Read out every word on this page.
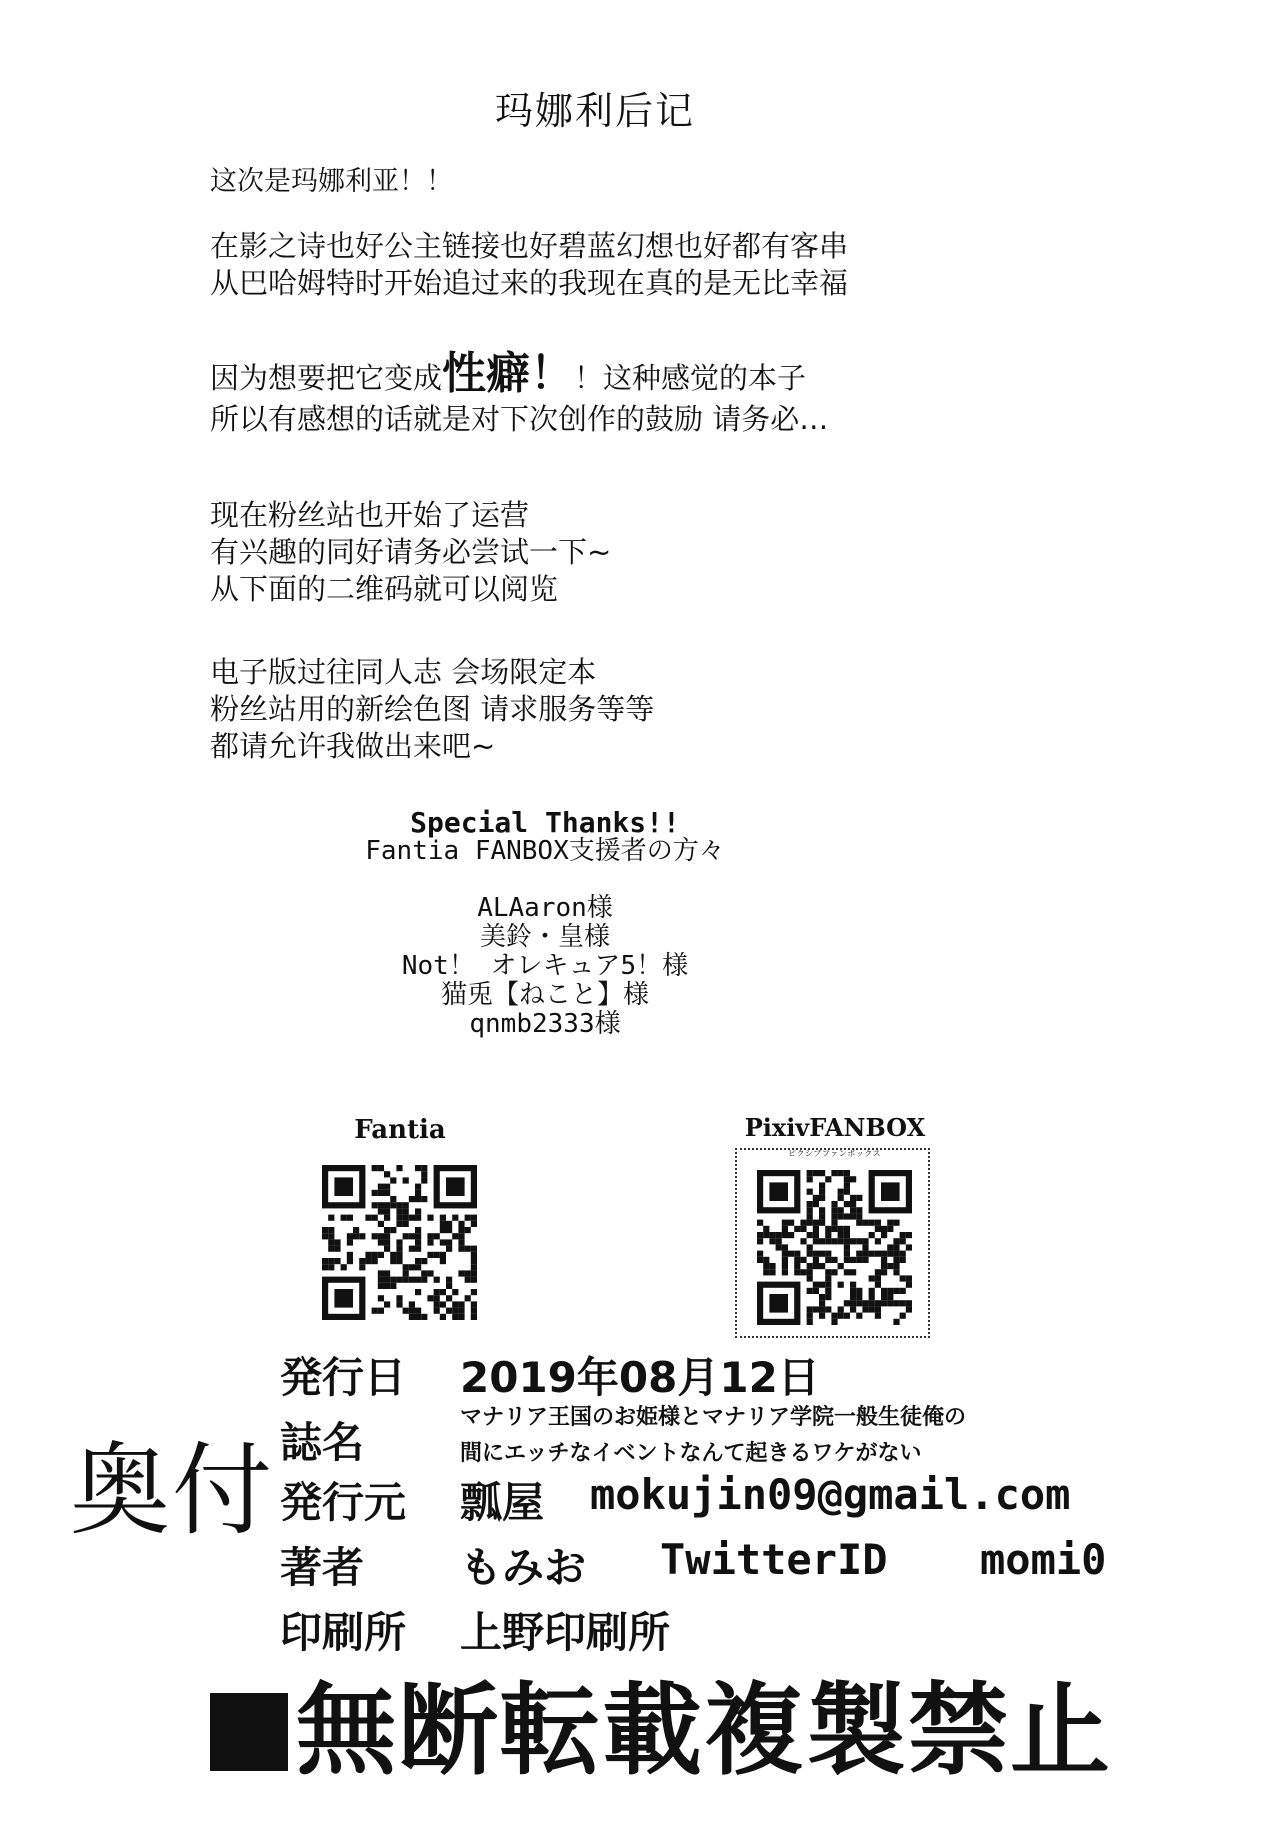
玛娜利后记
这次是玛娜利亚！！
在影之诗也好公主链接也好碧蓝幻想也好都有客串
从巴哈姆特时开始追过来的我现在真的是无比幸福
因为想要把它变成性癖！！这种感觉的本子
所以有感想的话就是对下次创作的鼓励 请务必…
现在粉丝站也开始了运营
有兴趣的同好请务必尝试一下~
从下面的二维码就可以阅览
电子版过往同人志 会场限定本
粉丝站用的新绘色图 请求服务等等
都请允许我做出来吧~
Special Thanks!!
Fantia FANBOX支援者の方々
ALAaron様
美鈴・皇様
Not！ オレキュア5！様
猫兎【ねこと】様
qnmb2333様
Fantia	PixivFANBOX
ピクシブファンボックス
奥付
発行日 2019年08月12日
誌名
マナリア王国のお姫様とマナリア学院一般生徒俺の
間にエッチなイベントなんて起きるワケがない
発行元 瓢屋 mokujin09@gmail.com
著者 もみお TwitterID momi0
印刷所 上野印刷所
無断転載複製禁止
